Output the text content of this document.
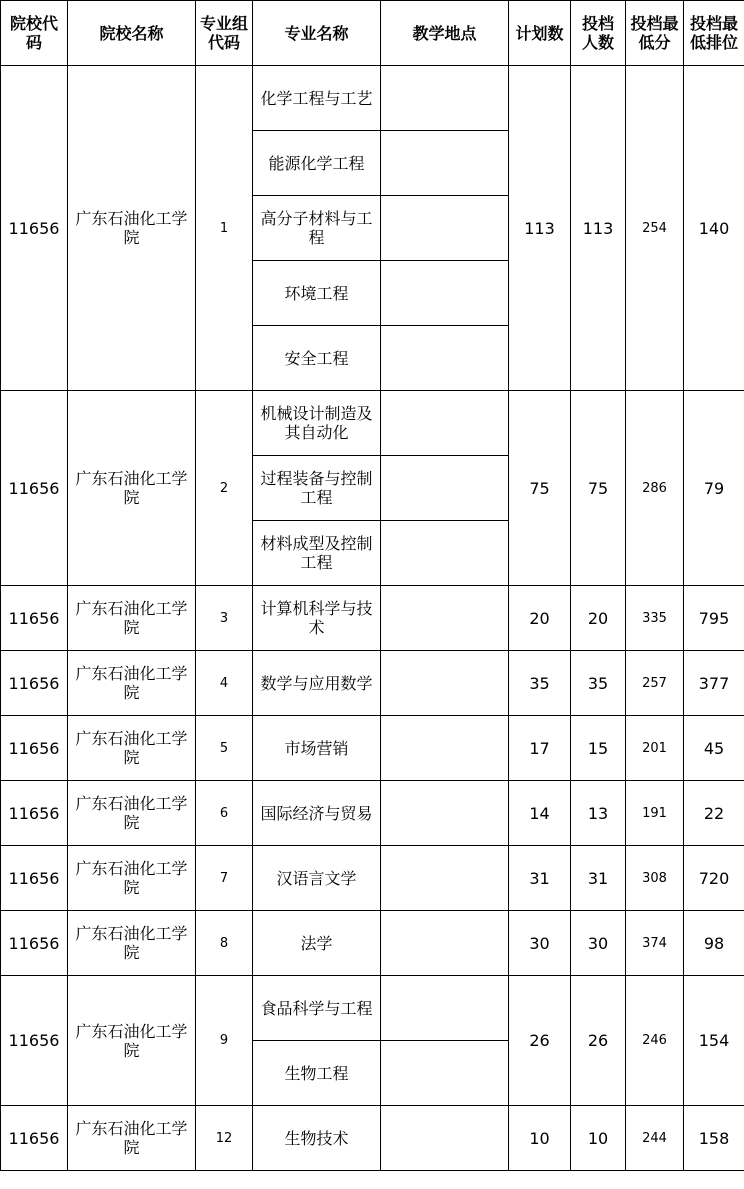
院校代码	院校名称	专业组代码	专业名称	教学地点	计划数	投档人数	投档最低分	投档最低排位
11656	广东石油化工学院	1	化学工程与工艺		113	113	254	140
			能源化学工程					
			高分子材料与工程					
			环境工程					
			安全工程					
11656	广东石油化工学院	2	机械设计制造及其自动化		75	75	286	79
			过程装备与控制工程					
			材料成型及控制工程					
11656	广东石油化工学院	3	计算机科学与技术		20	20	335	795
11656	广东石油化工学院	4	数学与应用数学		35	35	257	377
11656	广东石油化工学院	5	市场营销		17	15	201	45
11656	广东石油化工学院	6	国际经济与贸易		14	13	191	22
11656	广东石油化工学院	7	汉语言文学		31	31	308	720
11656	广东石油化工学院	8	法学		30	30	374	98
11656	广东石油化工学院	9	食品科学与工程		26	26	246	154
			生物工程					
11656	广东石油化工学院	12	生物技术		10	10	244	158
